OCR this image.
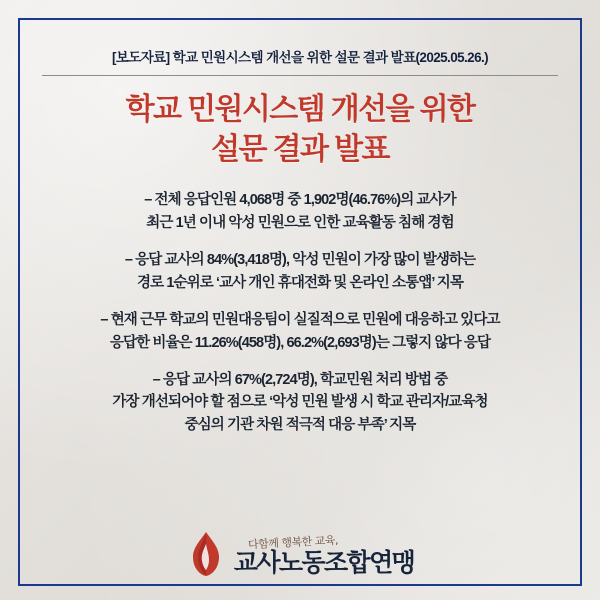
[보도자료] 학교 민원시스템 개선을 위한 설문 결과 발표(2025.05.26.)
학교 민원시스템 개선을 위한
설문 결과 발표
– 전체 응답인원 4,068명 중 1,902명(46.76%)의 교사가
최근 1년 이내 악성 민원으로 인한 교육활동 침해 경험
– 응답 교사의 84%(3,418명), 악성 민원이 가장 많이 발생하는
경로 1순위로 ‘교사 개인 휴대전화 및 온라인 소통앱’ 지목
– 현재 근무 학교의 민원대응팀이 실질적으로 민원에 대응하고 있다고
응답한 비율은 11.26%(458명), 66.2%(2,693명)는 그렇지 않다 응답
– 응답 교사의 67%(2,724명), 학교민원 처리 방법 중
가장 개선되어야 할 점으로 ‘악성 민원 발생 시 학교 관리자/교육청
중심의 기관 차원 적극적 대응 부족’ 지목
다함께 행복한 교육,
교사노동조합연맹
